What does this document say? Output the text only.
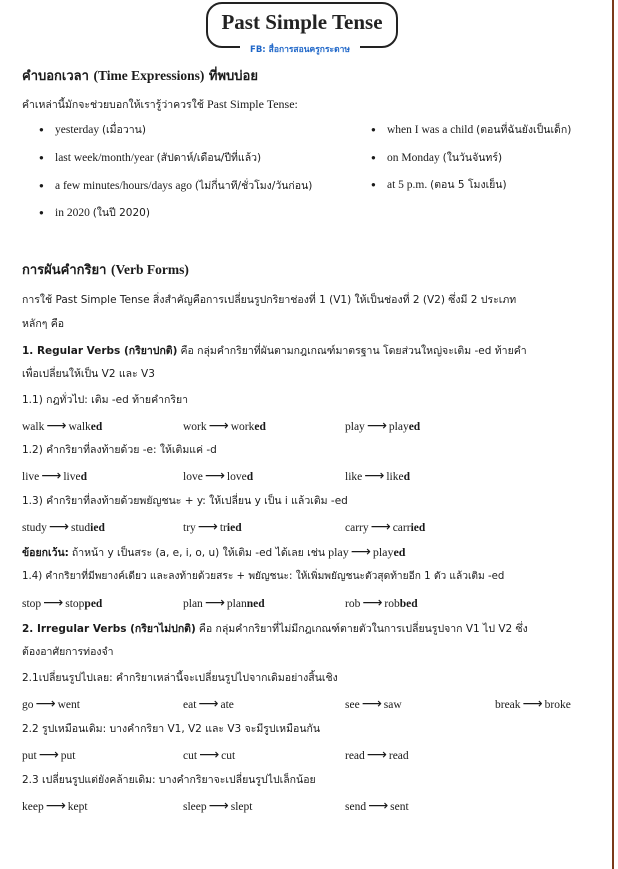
Past Simple Tense
FB: สื่อการสอนครูกระดาษ
คำบอกเวลา (Time Expressions) ที่พบบ่อย
คำเหล่านี้มักจะช่วยบอกให้เรารู้ว่าควรใช้ Past Simple Tense:
● yesterday (เมื่อวาน)
● last week/month/year (สัปดาห์/เดือน/ปีที่แล้ว)
● a few minutes/hours/days ago (ไม่กี่นาที/ชั่วโมง/วันก่อน)
● in 2020 (ในปี 2020)
● when I was a child (ตอนที่ฉันยังเป็นเด็ก)
● on Monday (ในวันจันทร์)
● at 5 p.m. (ตอน 5 โมงเย็น)
การผันคำกริยา (Verb Forms)
การใช้ Past Simple Tense สิ่งสำคัญคือการเปลี่ยนรูปกริยาช่องที่ 1 (V1) ให้เป็นช่องที่ 2 (V2) ซึ่งมี 2 ประเภท
หลักๆ คือ
1. Regular Verbs (กริยาปกติ) คือ กลุ่มคำกริยาที่ผันตามกฎเกณฑ์มาตรฐาน โดยส่วนใหญ่จะเติม -ed ท้ายคำ
เพื่อเปลี่ยนให้เป็น V2 และ V3
1.1) กฎทั่วไป: เติม -ed ท้ายคำกริยา
walk ⟶ walked	work ⟶ worked	play ⟶ played
1.2) คำกริยาที่ลงท้ายด้วย -e: ให้เติมแค่ -d
live ⟶ lived	love ⟶ loved	like ⟶ liked
1.3) คำกริยาที่ลงท้ายด้วยพยัญชนะ + y: ให้เปลี่ยน y เป็น i แล้วเติม -ed
study ⟶ studied	try ⟶ tried	carry ⟶ carried
ข้อยกเว้น: ถ้าหน้า y เป็นสระ (a, e, i, o, u) ให้เติม -ed ได้เลย เช่น play ⟶ played
1.4) คำกริยาที่มีพยางค์เดียว และลงท้ายด้วยสระ + พยัญชนะ: ให้เพิ่มพยัญชนะตัวสุดท้ายอีก 1 ตัว แล้วเติม -ed
stop ⟶ stopped	plan ⟶ planned	rob ⟶ robbed
2. Irregular Verbs (กริยาไม่ปกติ) คือ กลุ่มคำกริยาที่ไม่มีกฎเกณฑ์ตายตัวในการเปลี่ยนรูปจาก V1 ไป V2 ซึ่ง
ต้องอาศัยการท่องจำ
2.1เปลี่ยนรูปไปเลย: คำกริยาเหล่านี้จะเปลี่ยนรูปไปจากเดิมอย่างสิ้นเชิง
go ⟶ went	eat ⟶ ate	see ⟶ saw	break ⟶ broke
2.2 รูปเหมือนเดิม: บางคำกริยา V1, V2 และ V3 จะมีรูปเหมือนกัน
put ⟶ put	cut ⟶ cut	read ⟶ read
2.3 เปลี่ยนรูปแต่ยังคล้ายเดิม: บางคำกริยาจะเปลี่ยนรูปไปเล็กน้อย
keep ⟶ kept	sleep ⟶ slept	send ⟶ sent
